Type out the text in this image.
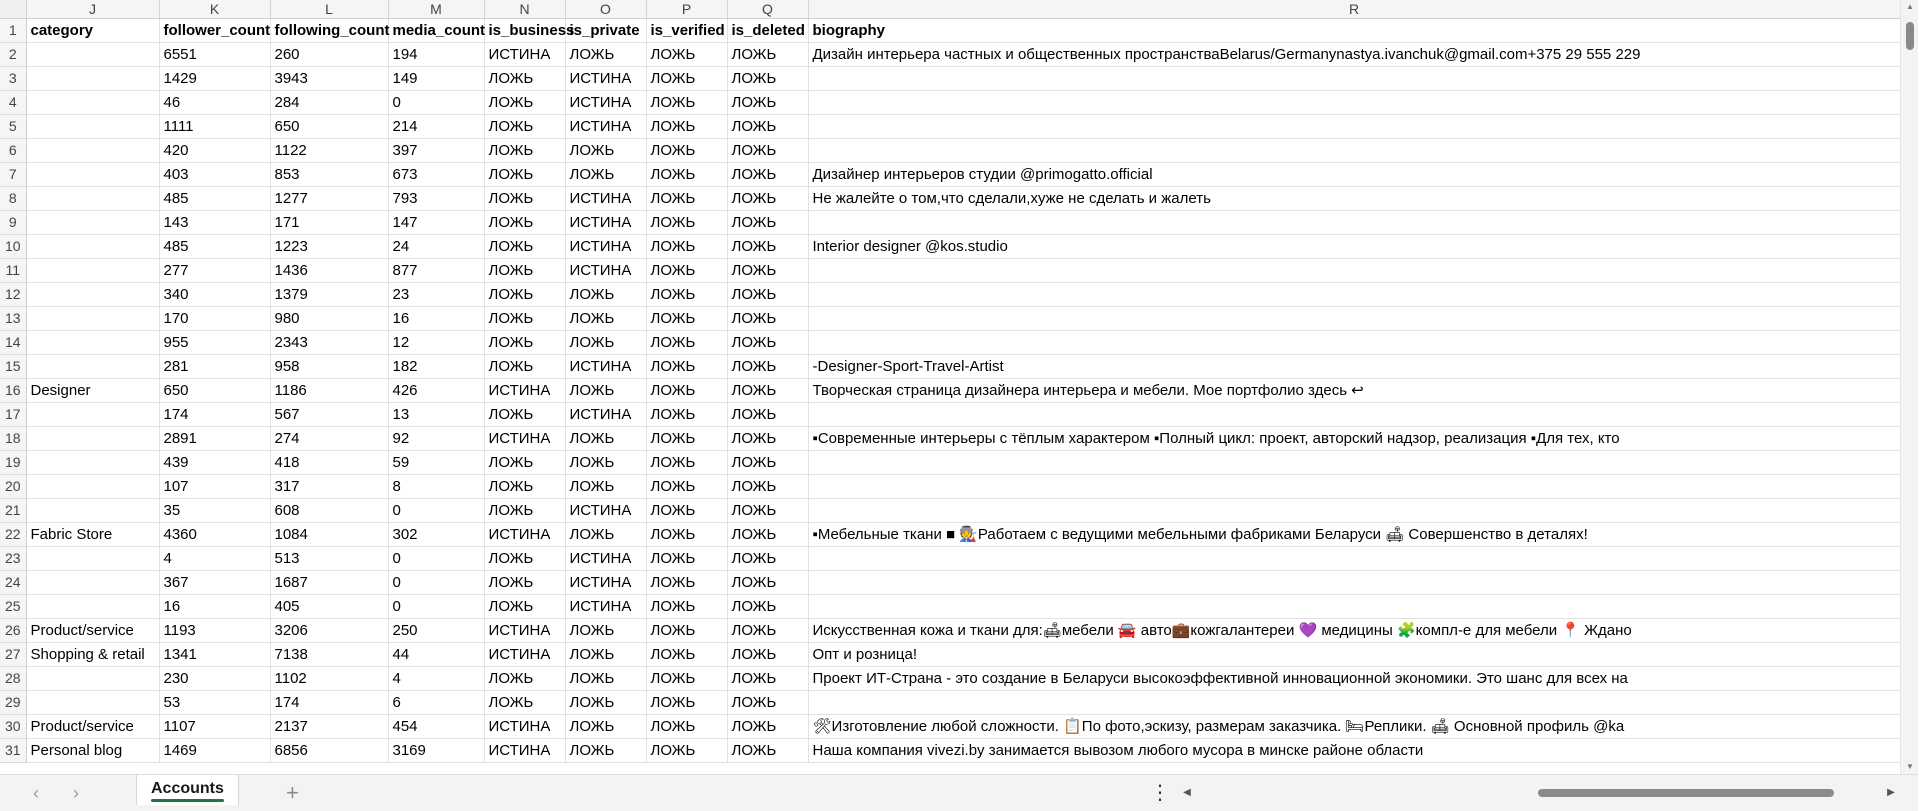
	J	K	L	M	N	O	P	Q	R
1	category	follower_count	following_count	media_count	is_business	is_private	is_verified	is_deleted	biography
2		6551	260	194	ИСТИНА	ЛОЖЬ	ЛОЖЬ	ЛОЖЬ	Дизайн интерьера частных и общественных пространстваBelarus/Germanynastya.ivanchuk@gmail.com+375 29 555 229
3		1429	3943	149	ЛОЖЬ	ИСТИНА	ЛОЖЬ	ЛОЖЬ	
4		46	284	0	ЛОЖЬ	ИСТИНА	ЛОЖЬ	ЛОЖЬ	
5		1111	650	214	ЛОЖЬ	ИСТИНА	ЛОЖЬ	ЛОЖЬ	
6		420	1122	397	ЛОЖЬ	ЛОЖЬ	ЛОЖЬ	ЛОЖЬ	
7		403	853	673	ЛОЖЬ	ЛОЖЬ	ЛОЖЬ	ЛОЖЬ	Дизайнер интерьеров студии @primogatto.official
8		485	1277	793	ЛОЖЬ	ИСТИНА	ЛОЖЬ	ЛОЖЬ	Не жалейте о том,что сделали,хуже не сделать и жалеть
9		143	171	147	ЛОЖЬ	ИСТИНА	ЛОЖЬ	ЛОЖЬ	
10		485	1223	24	ЛОЖЬ	ИСТИНА	ЛОЖЬ	ЛОЖЬ	Interior designer @kos.studio
11		277	1436	877	ЛОЖЬ	ИСТИНА	ЛОЖЬ	ЛОЖЬ	
12		340	1379	23	ЛОЖЬ	ЛОЖЬ	ЛОЖЬ	ЛОЖЬ	
13		170	980	16	ЛОЖЬ	ЛОЖЬ	ЛОЖЬ	ЛОЖЬ	
14		955	2343	12	ЛОЖЬ	ЛОЖЬ	ЛОЖЬ	ЛОЖЬ	
15		281	958	182	ЛОЖЬ	ИСТИНА	ЛОЖЬ	ЛОЖЬ	-Designer-Sport-Travel-Artist
16	Designer	650	1186	426	ИСТИНА	ЛОЖЬ	ЛОЖЬ	ЛОЖЬ	Творческая страница дизайнера интерьера и мебели. Мое портфолио здесь ↩
17		174	567	13	ЛОЖЬ	ИСТИНА	ЛОЖЬ	ЛОЖЬ	
18		2891	274	92	ИСТИНА	ЛОЖЬ	ЛОЖЬ	ЛОЖЬ	▪Современные интерьеры с тёплым характером ▪Полный цикл: проект, авторский надзор, реализация ▪Для тех, кто
19		439	418	59	ЛОЖЬ	ЛОЖЬ	ЛОЖЬ	ЛОЖЬ	
20		107	317	8	ЛОЖЬ	ЛОЖЬ	ЛОЖЬ	ЛОЖЬ	
21		35	608	0	ЛОЖЬ	ИСТИНА	ЛОЖЬ	ЛОЖЬ	
22	Fabric Store	4360	1084	302	ИСТИНА	ЛОЖЬ	ЛОЖЬ	ЛОЖЬ	▪Мебельные ткани ■ 🧑‍🏭Работаем с ведущими мебельными фабриками Беларуси 🛋 Совершенство в деталях!
23		4	513	0	ЛОЖЬ	ИСТИНА	ЛОЖЬ	ЛОЖЬ	
24		367	1687	0	ЛОЖЬ	ИСТИНА	ЛОЖЬ	ЛОЖЬ	
25		16	405	0	ЛОЖЬ	ИСТИНА	ЛОЖЬ	ЛОЖЬ	
26	Product/service	1193	3206	250	ИСТИНА	ЛОЖЬ	ЛОЖЬ	ЛОЖЬ	Искусственная кожа и ткани для:🛋мебели 🚘 авто💼кожгалантереи 💜 медицины 🧩компл-е для мебели 📍 Ждано
27	Shopping & retail	1341	7138	44	ИСТИНА	ЛОЖЬ	ЛОЖЬ	ЛОЖЬ	Опт и розница!
28		230	1102	4	ЛОЖЬ	ЛОЖЬ	ЛОЖЬ	ЛОЖЬ	Проект ИТ-Страна - это создание в Беларуси высокоэффективной инновационной экономики. Это шанс для всех на
29		53	174	6	ЛОЖЬ	ЛОЖЬ	ЛОЖЬ	ЛОЖЬ	
30	Product/service	1107	2137	454	ИСТИНА	ЛОЖЬ	ЛОЖЬ	ЛОЖЬ	🛠Изготовление любой сложности. 📋По фото,эскизу, размерам заказчика. 🛏Реплики. 🛋 Основной профиль @ka
31	Personal blog	1469	6856	3169	ИСТИНА	ЛОЖЬ	ЛОЖЬ	ЛОЖЬ	Наша компания vivezi.by занимается вывозом любого мусора в минске районе области
▲
▼
‹	›	Accounts	+	⋮	◀	▶
